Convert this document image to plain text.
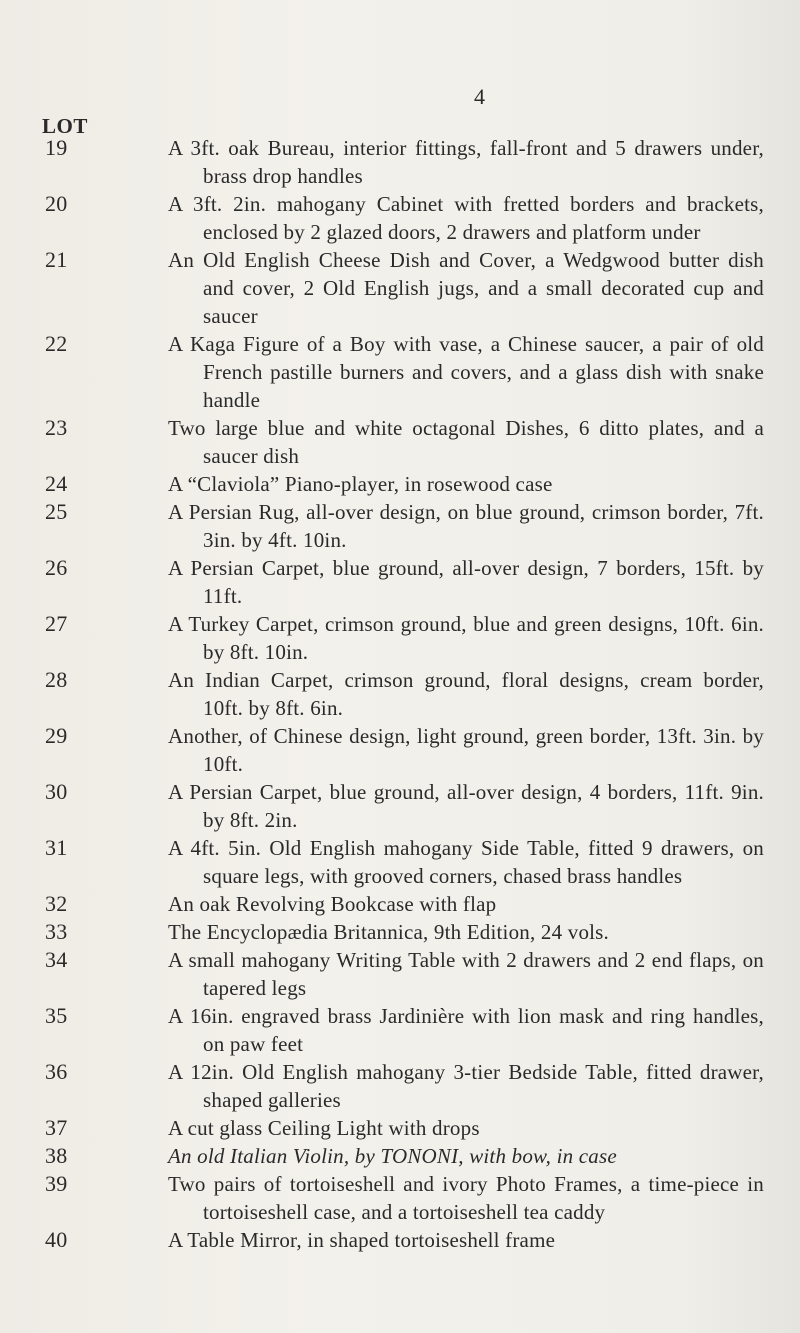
4
LOT
19	A 3ft. oak Bureau, interior fittings, fall-front and 5 drawers under, brass drop handles
20	A 3ft. 2in. mahogany Cabinet with fretted borders and brackets, enclosed by 2 glazed doors, 2 drawers and platform under
21	An Old English Cheese Dish and Cover, a Wedgwood butter dish and cover, 2 Old English jugs, and a small decorated cup and saucer
22	A Kaga Figure of a Boy with vase, a Chinese saucer, a pair of old French pastille burners and covers, and a glass dish with snake handle
23	Two large blue and white octagonal Dishes, 6 ditto plates, and a saucer dish
24	A “Claviola” Piano-player, in rosewood case
25	A Persian Rug, all-over design, on blue ground, crimson border, 7ft. 3in. by 4ft. 10in.
26	A Persian Carpet, blue ground, all-over design, 7 borders, 15ft. by 11ft.
27	A Turkey Carpet, crimson ground, blue and green designs, 10ft. 6in. by 8ft. 10in.
28	An Indian Carpet, crimson ground, floral designs, cream border, 10ft. by 8ft. 6in.
29	Another, of Chinese design, light ground, green border, 13ft. 3in. by 10ft.
30	A Persian Carpet, blue ground, all-over design, 4 borders, 11ft. 9in. by 8ft. 2in.
31	A 4ft. 5in. Old English mahogany Side Table, fitted 9 drawers, on square legs, with grooved corners, chased brass handles
32	An oak Revolving Bookcase with flap
33	The Encyclopædia Britannica, 9th Edition, 24 vols.
34	A small mahogany Writing Table with 2 drawers and 2 end flaps, on tapered legs
35	A 16in. engraved brass Jardinière with lion mask and ring handles, on paw feet
36	A 12in. Old English mahogany 3-tier Bedside Table, fitted drawer, shaped galleries
37	A cut glass Ceiling Light with drops
38	An old Italian Violin, by TONONI, with bow, in case
39	Two pairs of tortoiseshell and ivory Photo Frames, a time-piece in tortoiseshell case, and a tortoiseshell tea caddy
40	A Table Mirror, in shaped tortoiseshell frame
